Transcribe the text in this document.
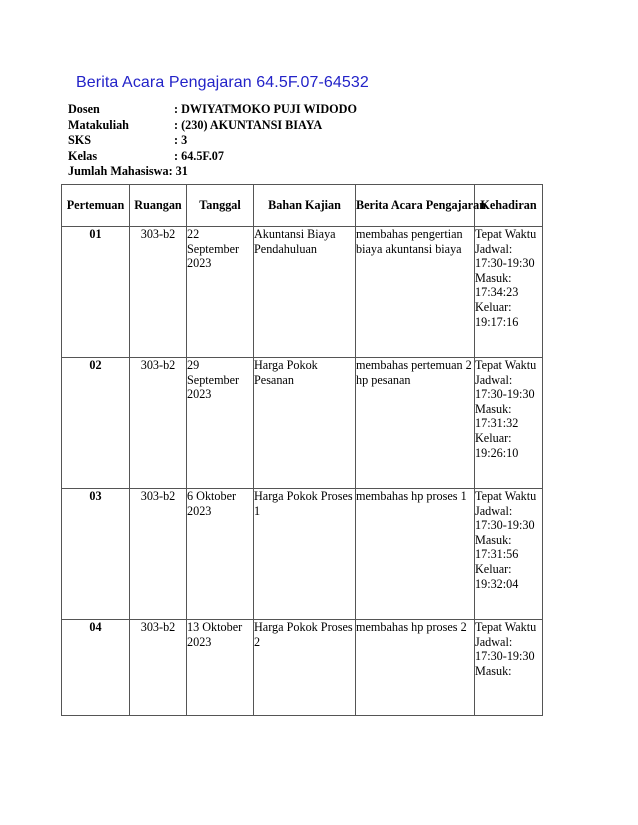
Berita Acara Pengajaran 64.5F.07-64532
Dosen	: DWIYATMOKO PUJI WIDODO
Matakuliah	: (230) AKUNTANSI BIAYA
SKS	: 3
Kelas	: 64.5F.07
Jumlah Mahasiswa : 31
Pertemuan	Ruangan	Tanggal	Bahan Kajian	Berita Acara Pengajaran	Kehadiran
01	303-b2	22 September 2023	Akuntansi Biaya Pendahuluan	membahas pengertian biaya akuntansi biaya	Tepat Waktu Jadwal: 17:30-19:30 Masuk: 17:34:23 Keluar: 19:17:16
02	303-b2	29 September 2023	Harga Pokok Pesanan	membahas pertemuan 2 hp pesanan	Tepat Waktu Jadwal: 17:30-19:30 Masuk: 17:31:32 Keluar: 19:26:10
03	303-b2	6 Oktober 2023	Harga Pokok Proses 1	membahas hp proses 1	Tepat Waktu Jadwal: 17:30-19:30 Masuk: 17:31:56 Keluar: 19:32:04
04	303-b2	13 Oktober 2023	Harga Pokok Proses 2	membahas hp proses 2	Tepat Waktu Jadwal: 17:30-19:30 Masuk:
